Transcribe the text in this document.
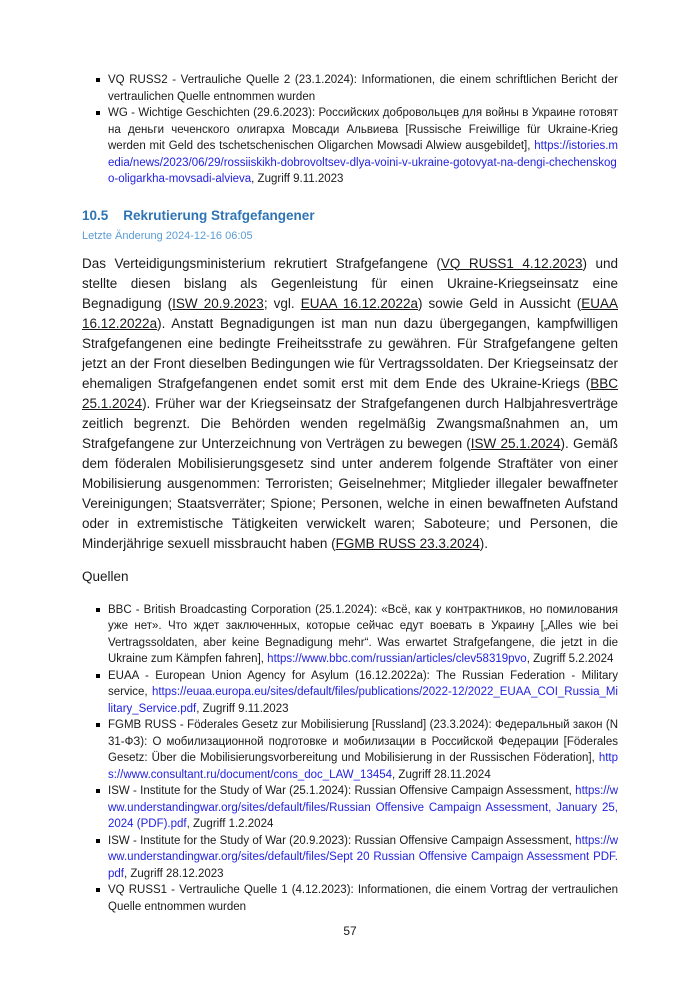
VQ RUSS2 - Vertrauliche Quelle 2 (23.1.2024): Informationen, die einem schriftlichen Bericht der vertraulichen Quelle entnommen wurden
WG - Wichtige Geschichten (29.6.2023): Российских добровольцев для войны в Украине готовят на деньги чеченского олигарха Мовсади Альвиева [Russische Freiwillige für Ukraine-Krieg werden mit Geld des tschetschenischen Oligarchen Mowsadi Alwiew ausgebildet], https://istories.media/news/2023/06/29/rossiiskikh-dobrovoltsev-dlya-voini-v-ukraine-gotovyat-na-dengi-chechenskogo-oligarkha-movsadi-alvieva, Zugriff 9.11.2023
10.5 Rekrutierung Strafgefangener
Letzte Änderung 2024-12-16 06:05

Das Verteidigungsministerium rekrutiert Strafgefangene (VQ RUSS1 4.12.2023) und stellte diesen bislang als Gegenleistung für einen Ukraine-Kriegseinsatz eine Begnadigung (ISW 20.9.2023; vgl. EUAA 16.12.2022a) sowie Geld in Aussicht (EUAA 16.12.2022a). Anstatt Begnadigungen ist man nun dazu übergegangen, kampfwilligen Strafgefangenen eine bedingte Freiheitsstrafe zu gewähren. Für Strafgefangene gelten jetzt an der Front dieselben Bedingungen wie für Vertragssoldaten. Der Kriegseinsatz der ehemaligen Strafgefangenen endet somit erst mit dem Ende des Ukraine-Kriegs (BBC 25.1.2024). Früher war der Kriegseinsatz der Strafgefangenen durch Halbjahresverträge zeitlich begrenzt. Die Behörden wenden regelmäßig Zwangsmaßnahmen an, um Strafgefangene zur Unterzeichnung von Verträgen zu bewegen (ISW 25.1.2024). Gemäß dem föderalen Mobilisierungsgesetz sind unter anderem folgende Straftäter von einer Mobilisierung ausgenommen: Terroristen; Geiselnehmer; Mitglieder illegaler bewaffneter Vereinigungen; Staatsverräter; Spione; Personen, welche in einen bewaffneten Aufstand oder in extremistische Tätigkeiten verwickelt waren; Saboteure; und Personen, die Minderjährige sexuell missbraucht haben (FGMB RUSS 23.3.2024).

Quellen
BBC - British Broadcasting Corporation (25.1.2024): «Всё, как у контрактников, но помилования уже нет». Что ждет заключенных, которые сейчас едут воевать в Украину [„Alles wie bei Vertragssoldaten, aber keine Begnadigung mehr“. Was erwartet Strafgefangene, die jetzt in die Ukraine zum Kämpfen fahren], https://www.bbc.com/russian/articles/clev58319pvo, Zugriff 5.2.2024
EUAA - European Union Agency for Asylum (16.12.2022a): The Russian Federation - Military service, https://euaa.europa.eu/sites/default/files/publications/2022-12/2022_EUAA_COI_Russia_Military_Service.pdf, Zugriff 9.11.2023
FGMB RUSS - Föderales Gesetz zur Mobilisierung [Russland] (23.3.2024): Федеральный закон (N 31-ФЗ): О мобилизационной подготовке и мобилизации в Российской Федерации [Föderales Gesetz: Über die Mobilisierungsvorbereitung und Mobilisierung in der Russischen Föderation], https://www.consultant.ru/document/cons_doc_LAW_13454, Zugriff 28.11.2024
ISW - Institute for the Study of War (25.1.2024): Russian Offensive Campaign Assessment, https://www.understandingwar.org/sites/default/files/Russian Offensive Campaign Assessment, January 25, 2024 (PDF).pdf, Zugriff 1.2.2024
ISW - Institute for the Study of War (20.9.2023): Russian Offensive Campaign Assessment, https://www.understandingwar.org/sites/default/files/Sept 20 Russian Offensive Campaign Assessment PDF.pdf, Zugriff 28.12.2023
VQ RUSS1 - Vertrauliche Quelle 1 (4.12.2023): Informationen, die einem Vortrag der vertraulichen Quelle entnommen wurden
57
